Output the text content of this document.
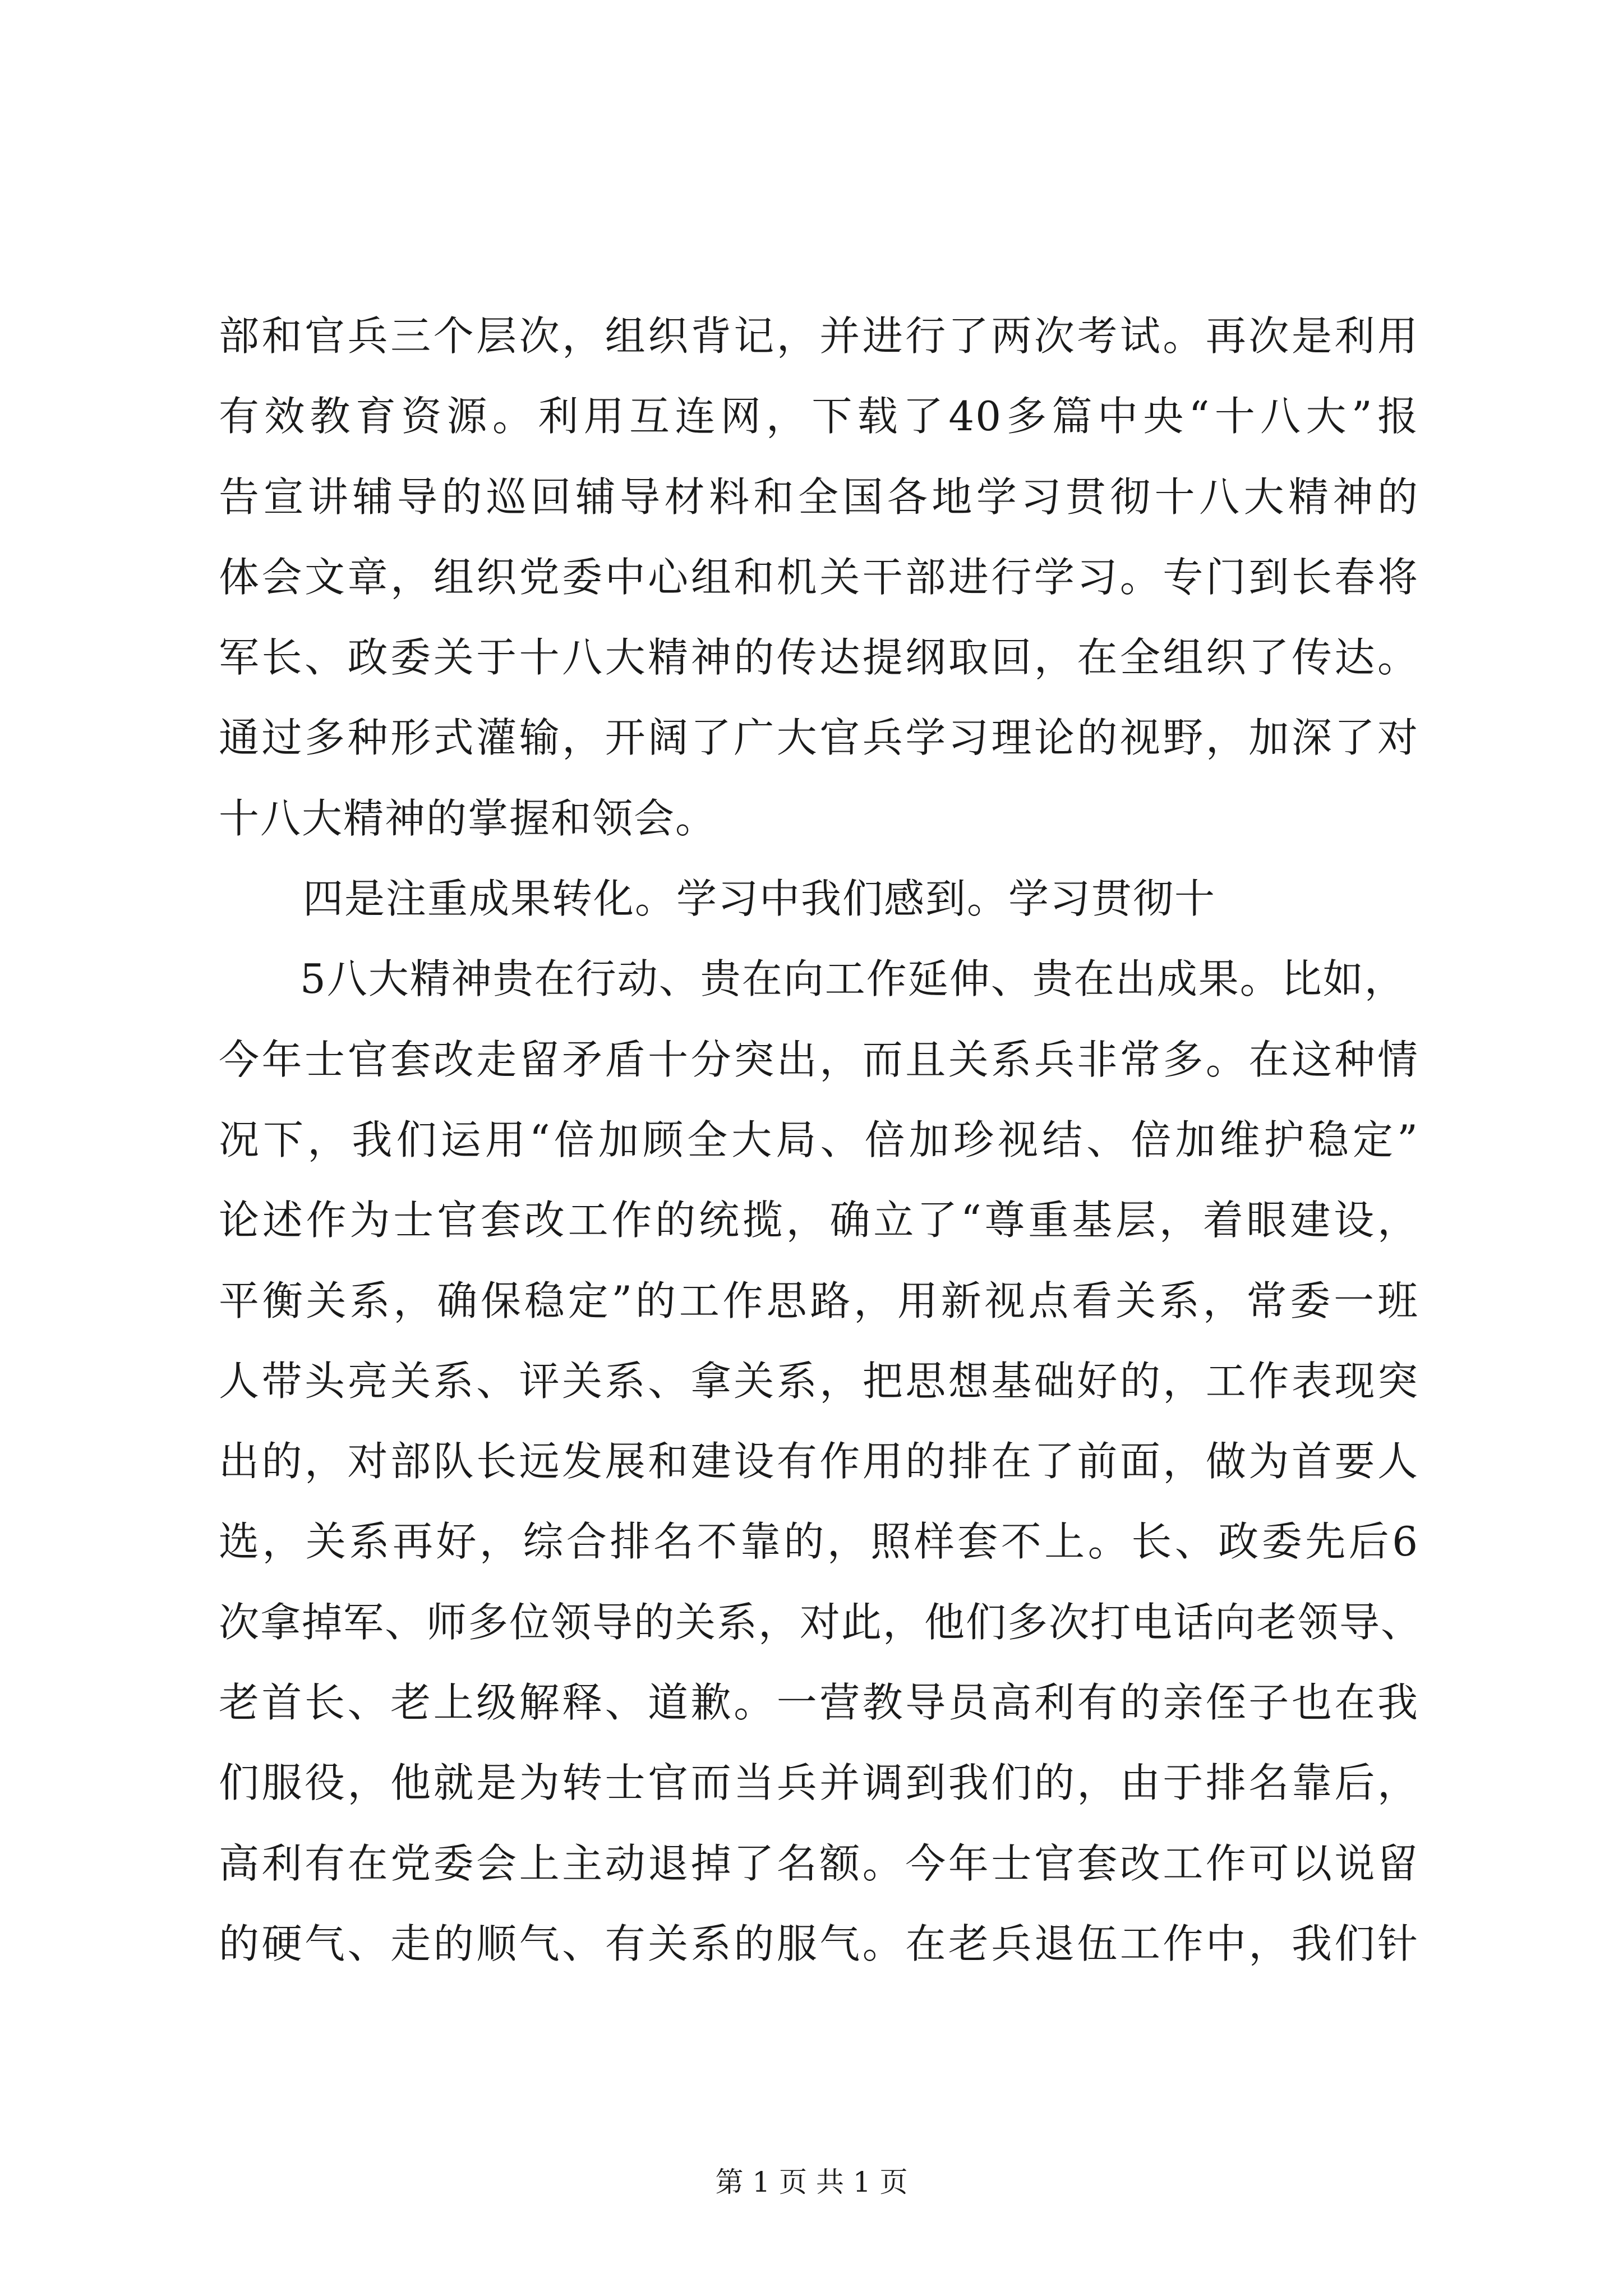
部和官兵三个层次，组织背记，并进行了两次考试。再次是利用
有效教育资源。利用互连网，下载了40多篇中央“十八大”报
告宣讲辅导的巡回辅导材料和全国各地学习贯彻十八大精神的
体会文章，组织党委中心组和机关干部进行学习。专门到长春将
军长、政委关于十八大精神的传达提纲取回，在全组织了传达。
通过多种形式灌输，开阔了广大官兵学习理论的视野，加深了对
十八大精神的掌握和领会。
四是注重成果转化。学习中我们感到。学习贯彻十
5八大精神贵在行动、贵在向工作延伸、贵在出成果。比如，
今年士官套改走留矛盾十分突出，而且关系兵非常多。在这种情
况下，我们运用“倍加顾全大局、倍加珍视结、倍加维护稳定”
论述作为士官套改工作的统揽，确立了“尊重基层，着眼建设，
平衡关系，确保稳定”的工作思路，用新视点看关系，常委一班
人带头亮关系、评关系、拿关系，把思想基础好的，工作表现突
出的，对部队长远发展和建设有作用的排在了前面，做为首要人
选，关系再好，综合排名不靠的，照样套不上。长、政委先后6
次拿掉军、师多位领导的关系，对此，他们多次打电话向老领导、
老首长、老上级解释、道歉。一营教导员高利有的亲侄子也在我
们服役，他就是为转士官而当兵并调到我们的，由于排名靠后，
高利有在党委会上主动退掉了名额。今年士官套改工作可以说留
的硬气、走的顺气、有关系的服气。在老兵退伍工作中，我们针
第 1 页 共 1 页
